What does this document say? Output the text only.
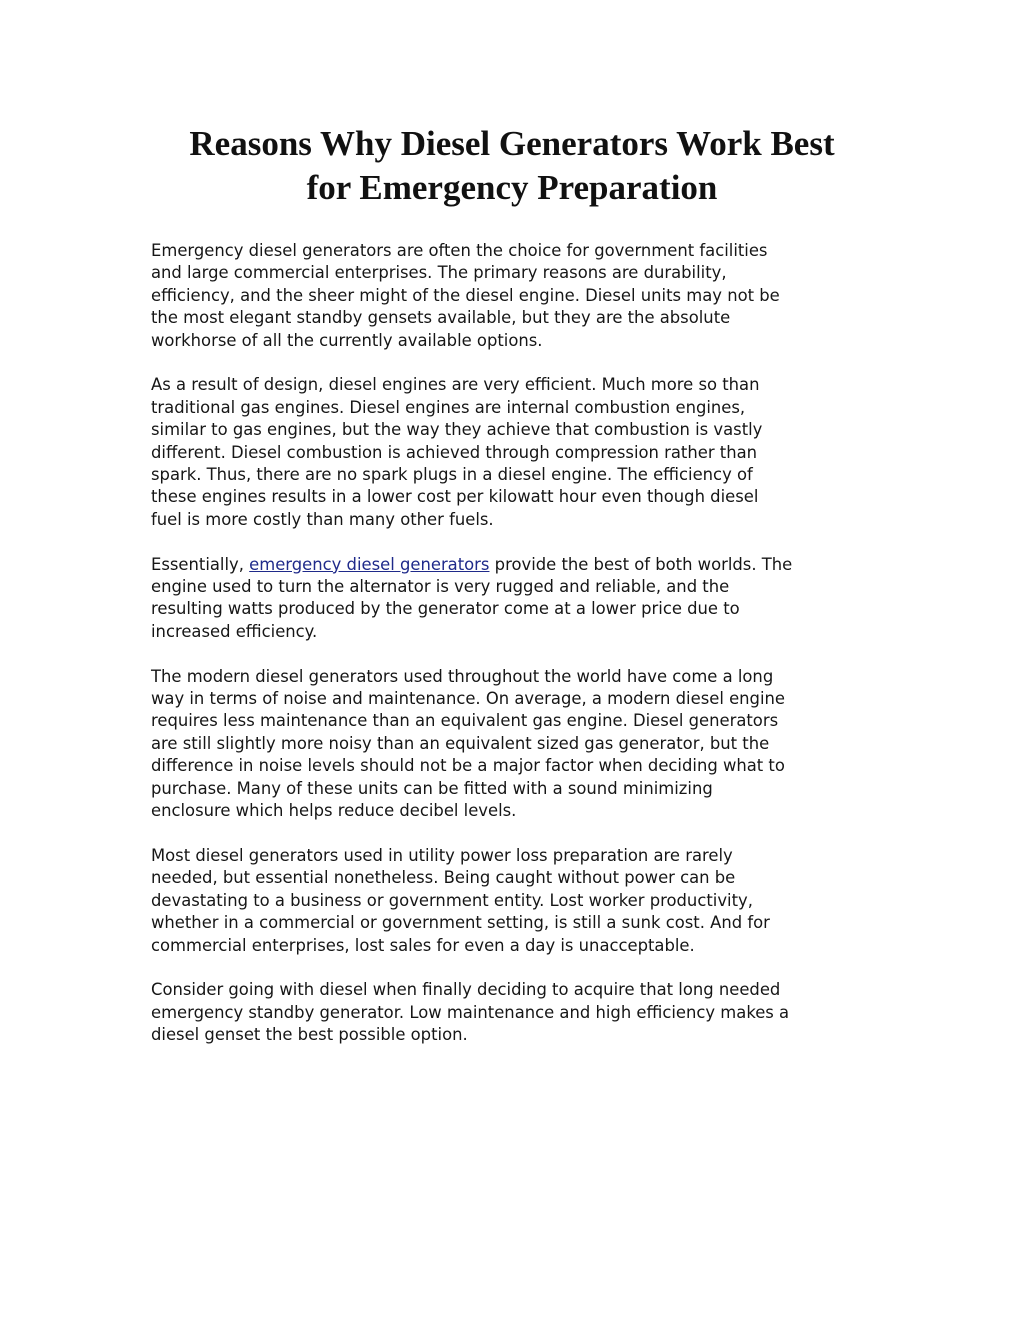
Reasons Why Diesel Generators Work Best
for Emergency Preparation

Emergency diesel generators are often the choice for government facilities
and large commercial enterprises. The primary reasons are durability,
efficiency, and the sheer might of the diesel engine. Diesel units may not be
the most elegant standby gensets available, but they are the absolute
workhorse of all the currently available options.

As a result of design, diesel engines are very efficient. Much more so than
traditional gas engines. Diesel engines are internal combustion engines,
similar to gas engines, but the way they achieve that combustion is vastly
different. Diesel combustion is achieved through compression rather than
spark. Thus, there are no spark plugs in a diesel engine. The efficiency of
these engines results in a lower cost per kilowatt hour even though diesel
fuel is more costly than many other fuels.

Essentially, emergency diesel generators provide the best of both worlds. The
engine used to turn the alternator is very rugged and reliable, and the
resulting watts produced by the generator come at a lower price due to
increased efficiency.

The modern diesel generators used throughout the world have come a long
way in terms of noise and maintenance. On average, a modern diesel engine
requires less maintenance than an equivalent gas engine. Diesel generators
are still slightly more noisy than an equivalent sized gas generator, but the
difference in noise levels should not be a major factor when deciding what to
purchase. Many of these units can be fitted with a sound minimizing
enclosure which helps reduce decibel levels.

Most diesel generators used in utility power loss preparation are rarely
needed, but essential nonetheless. Being caught without power can be
devastating to a business or government entity. Lost worker productivity,
whether in a commercial or government setting, is still a sunk cost. And for
commercial enterprises, lost sales for even a day is unacceptable.

Consider going with diesel when finally deciding to acquire that long needed
emergency standby generator. Low maintenance and high efficiency makes a
diesel genset the best possible option.
